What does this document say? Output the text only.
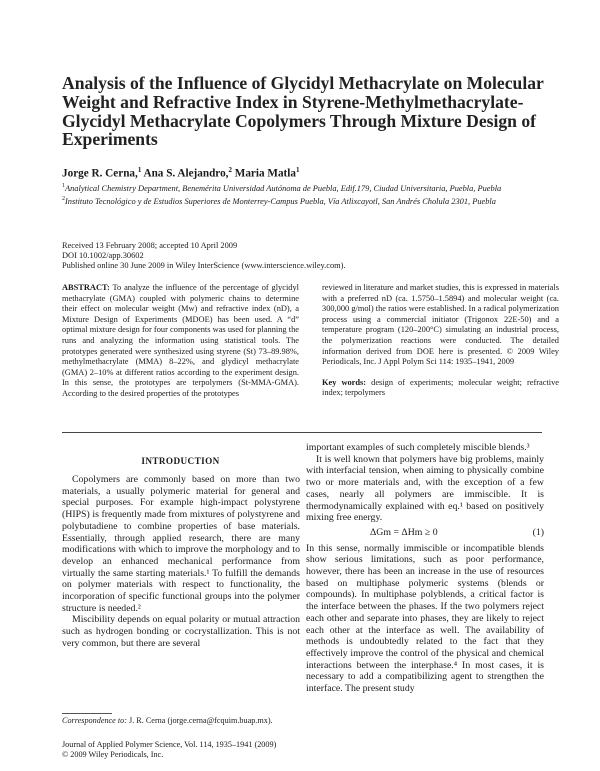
Analysis of the Influence of Glycidyl Methacrylate on Molecular Weight and Refractive Index in Styrene-Methylmethacrylate-Glycidyl Methacrylate Copolymers Through Mixture Design of Experiments
Jorge R. Cerna,$^1$ Ana S. Alejandro,$^2$ Maria Matla$^1$

$^1$Analytical Chemistry Department, Benemérita Universidad Autónoma de Puebla, Edif.179, Ciudad Universitaria, Puebla, Puebla

$^2$Instituto Tecnológico y de Estudios Superiores de Monterrey-Campus Puebla, Vía Atlixcayotl, San Andrés Cholula 2301, Puebla

Received 13 February 2008; accepted 10 April 2009
DOI 10.1002/app.30602
Published online 30 June 2009 in Wiley InterScience (www.interscience.wiley.com).
ABSTRACT: To analyze the influence of the percentage of glycidyl methacrylate (GMA) coupled with polymeric chains to determine their effect on molecular weight (Mw) and refractive index (nD), a Mixture Design of Experiments (MDOE) has been used. A “d” optimal mixture design for four components was used for planning the runs and analyzing the information using statistical tools. The prototypes generated were synthesized using styrene (St) 73–89.98%, methylmethacrylate (MMA) 8–22%, and glydicyl methacrylate (GMA) 2–10% at different ratios according to the experiment design. In this sense, the prototypes are terpolymers (St-MMA-GMA). According to the desired properties of the prototypes
reviewed in literature and market studies, this is expressed in materials with a preferred nD (ca. 1.5750–1.5894) and molecular weight (ca. 300,000 g/mol) the ratios were established. In a radical polymerization process using a commercial initiator (Trigonox 22E-50) and a temperature program (120–200°C) simulating an industrial process, the polymerization reactions were conducted. The detailed information derived from DOE here is presented. © 2009 Wiley Periodicals, Inc. J Appl Polym Sci 114: 1935–1941, 2009
Key words: design of experiments; molecular weight; refractive index; terpolymers
INTRODUCTION

Copolymers are commonly based on more than two materials, a usually polymeric material for general and special purposes. For example high-impact polystyrene (HIPS) is frequently made from mixtures of polystyrene and polybutadiene to combine properties of base materials. Essentially, through applied research, there are many modifications with which to improve the morphology and to develop an enhanced mechanical performance from virtually the same starting materials.¹ To fulfill the demands on polymer materials with respect to functionality, the incorporation of specific functional groups into the polymer structure is needed.²

Miscibility depends on equal polarity or mutual attraction such as hydrogen bonding or cocrystallization. This is not very common, but there are several

important examples of such completely miscible blends.³

It is well known that polymers have big problems, mainly with interfacial tension, when aiming to physically combine two or more materials and, with the exception of a few cases, nearly all polymers are immiscible. It is thermodynamically explained with eq.¹ based on positively mixing free energy.

ΔGm = ΔHm ≥ 0	(1)

In this sense, normally immiscible or incompatible blends show serious limitations, such as poor performance, however, there has been an increase in the use of resources based on multiphase polymeric systems (blends or compounds). In multiphase polyblends, a critical factor is the interface between the phases. If the two polymers reject each other and separate into phases, they are likely to reject each other at the interface as well. The availability of methods is undoubtedly related to the fact that they effectively improve the control of the physical and chemical interactions between the interphase.⁴ In most cases, it is necessary to add a compatibilizing agent to strengthen the interface. The present study

Correspondence to: J. R. Cerna (jorge.cerna@fcquim.buap.mx).
Journal of Applied Polymer Science, Vol. 114, 1935–1941 (2009)
© 2009 Wiley Periodicals, Inc.
